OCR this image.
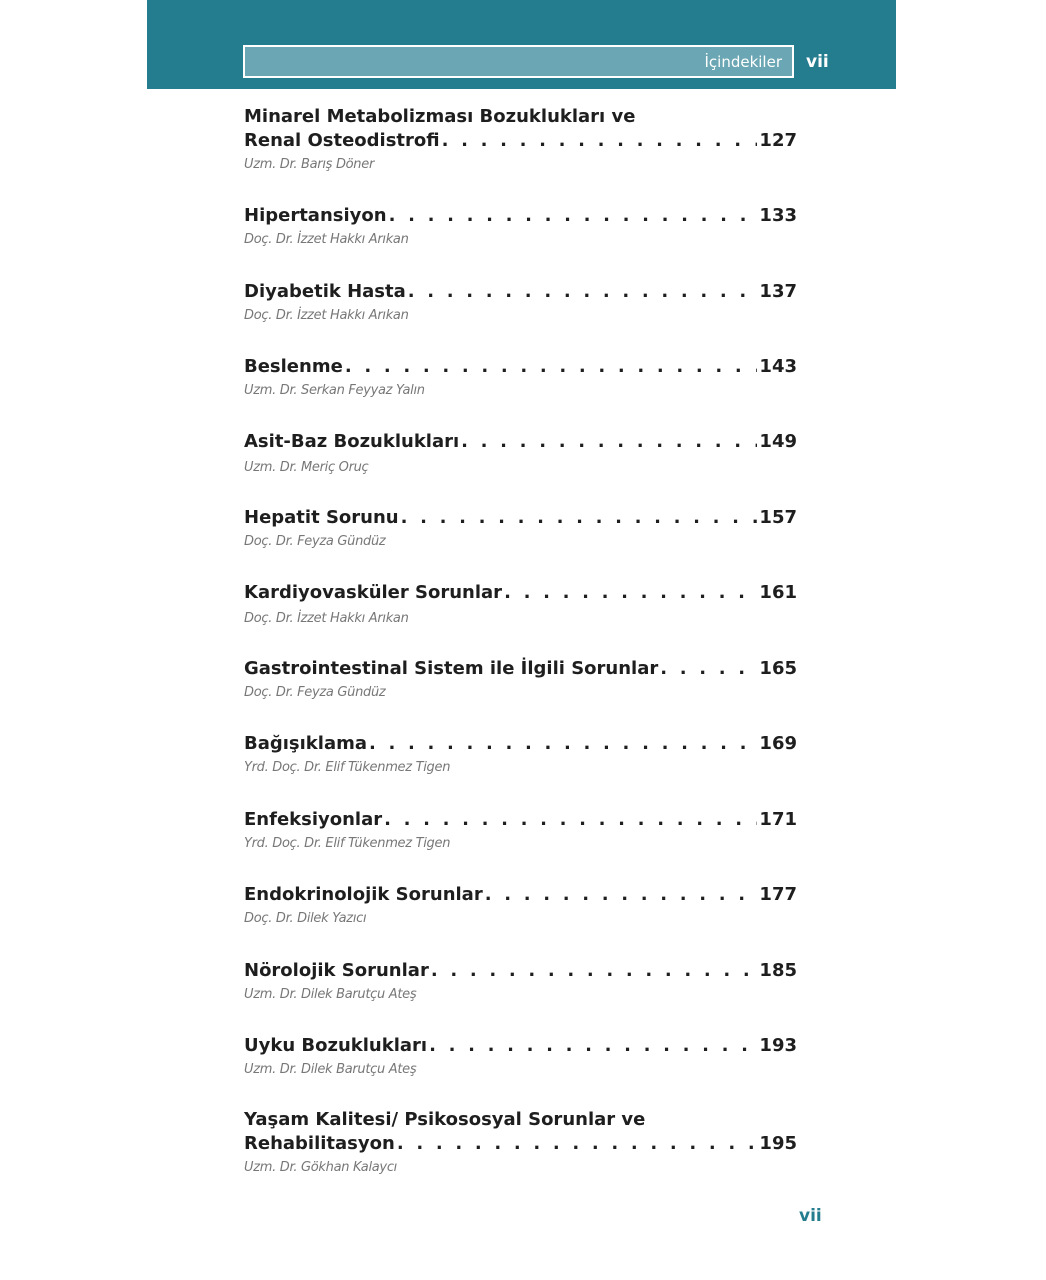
İçindekiler vii
Minarel Metabolizması Bozuklukları ve
Renal Osteodistrofi . . .	127
Uzm. Dr. Barış Döner
Hipertansiyon . . .	133
Doç. Dr. İzzet Hakkı Arıkan
Diyabetik Hasta . . .	137
Doç. Dr. İzzet Hakkı Arıkan
Beslenme . . .	143
Uzm. Dr. Serkan Feyyaz Yalın
Asit-Baz Bozuklukları . . .	149
Uzm. Dr. Meriç Oruç
Hepatit Sorunu . . .	157
Doç. Dr. Feyza Gündüz
Kardiyovasküler Sorunlar . . .	161
Doç. Dr. İzzet Hakkı Arıkan
Gastrointestinal Sistem ile İlgili Sorunlar . . .	165
Doç. Dr. Feyza Gündüz
Bağışıklama . . .	169
Yrd. Doç. Dr. Elif Tükenmez Tigen
Enfeksiyonlar . . .	171
Yrd. Doç. Dr. Elif Tükenmez Tigen
Endokrinolojik Sorunlar . . .	177
Doç. Dr. Dilek Yazıcı
Nörolojik Sorunlar . . .	185
Uzm. Dr. Dilek Barutçu Ateş
Uyku Bozuklukları . . .	193
Uzm. Dr. Dilek Barutçu Ateş
Yaşam Kalitesi/ Psikososyal Sorunlar ve
Rehabilitasyon . . .	195
Uzm. Dr. Gökhan Kalaycı
vii
